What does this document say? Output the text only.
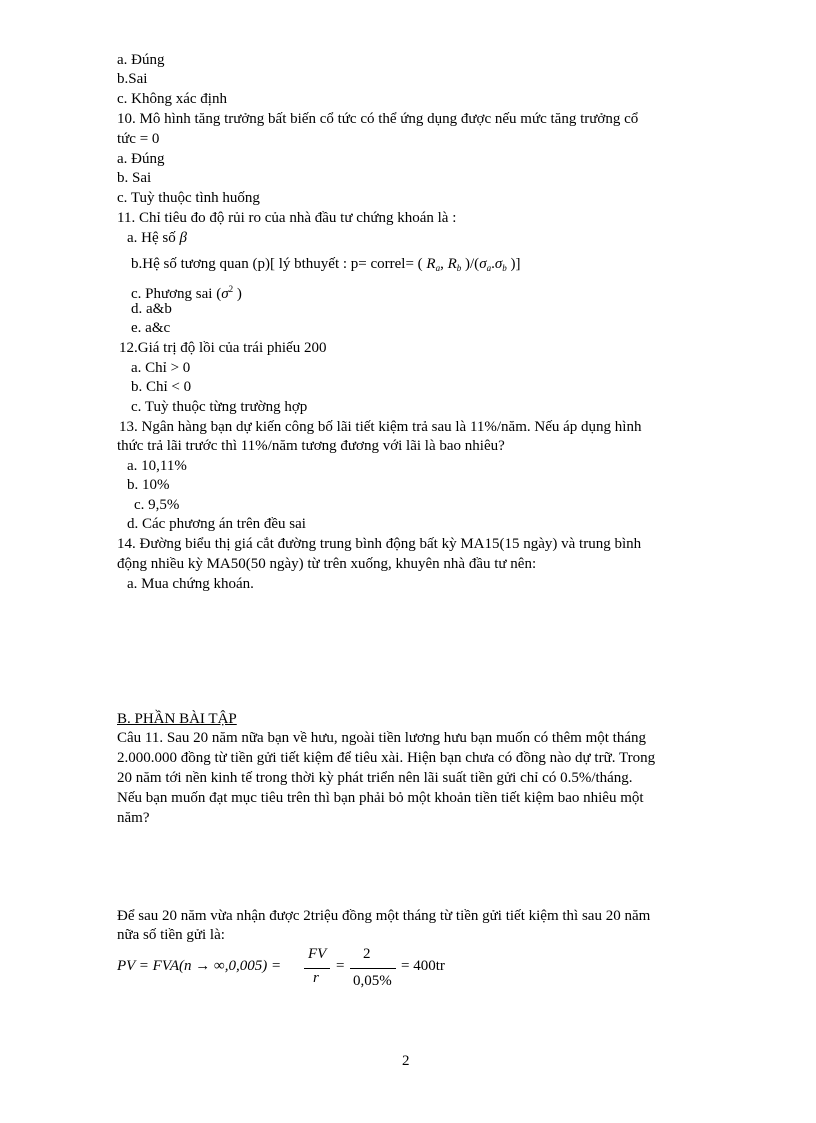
a. Đúng
b.Sai
c. Không xác định
10. Mô hình tăng trưởng bất biến cổ tức có thể ứng dụng được nếu mức tăng trưởng cổ
tức = 0
a. Đúng
b. Sai
c. Tuỳ thuộc tình huống
11. Chỉ tiêu đo độ rủi ro của nhà đầu tư chứng khoán là :
a. Hệ số β
b.Hệ số tương quan (p)[ lý bthuyết : p= correl= ( $R_a$, $R_b$ )$/(\sigma_a.\sigma_b$ )]
c. Phương sai ($\sigma^2$ )
d. a&b
e. a&c
12.Giá trị độ lồi của trái phiếu 200
a. Chỉ > 0
b. Chỉ < 0
c. Tuỳ thuộc từng trường hợp
13. Ngân hàng bạn dự kiến công bố lãi tiết kiệm trả sau là 11%/năm. Nếu áp dụng hình
thức trả lãi trước thì 11%/năm tương đương với lãi là bao nhiêu?
a. 10,11%
b. 10%
c. 9,5%
d. Các phương án trên đều sai
14. Đường biểu thị giá cắt đường trung bình động bất kỳ MA15(15 ngày) và trung bình
động nhiều kỳ MA50(50 ngày) từ trên xuống, khuyên nhà đầu tư nên:
a. Mua chứng khoán.
B. PHẦN BÀI TẬP
Câu 11. Sau 20 năm nữa bạn về hưu, ngoài tiền lương hưu bạn muốn có thêm một tháng
2.000.000 đồng từ tiền gửi tiết kiệm để tiêu xài. Hiện bạn chưa có đồng nào dự trữ. Trong
20 năm tới nền kinh tế trong thời kỳ phát triển nên lãi suất tiền gửi chỉ có 0.5%/tháng.
Nếu bạn muốn đạt mục tiêu trên thì bạn phải bỏ một khoản tiền tiết kiệm bao nhiêu một
năm?
Để sau 20 năm vừa nhận được 2triệu đồng một tháng từ tiền gửi tiết kiệm thì sau 20 năm
nữa số tiền gửi là:
PV = FVA(n → ∞,0,005) =
FV
r
=
2
0,05%
= 400tr
2
